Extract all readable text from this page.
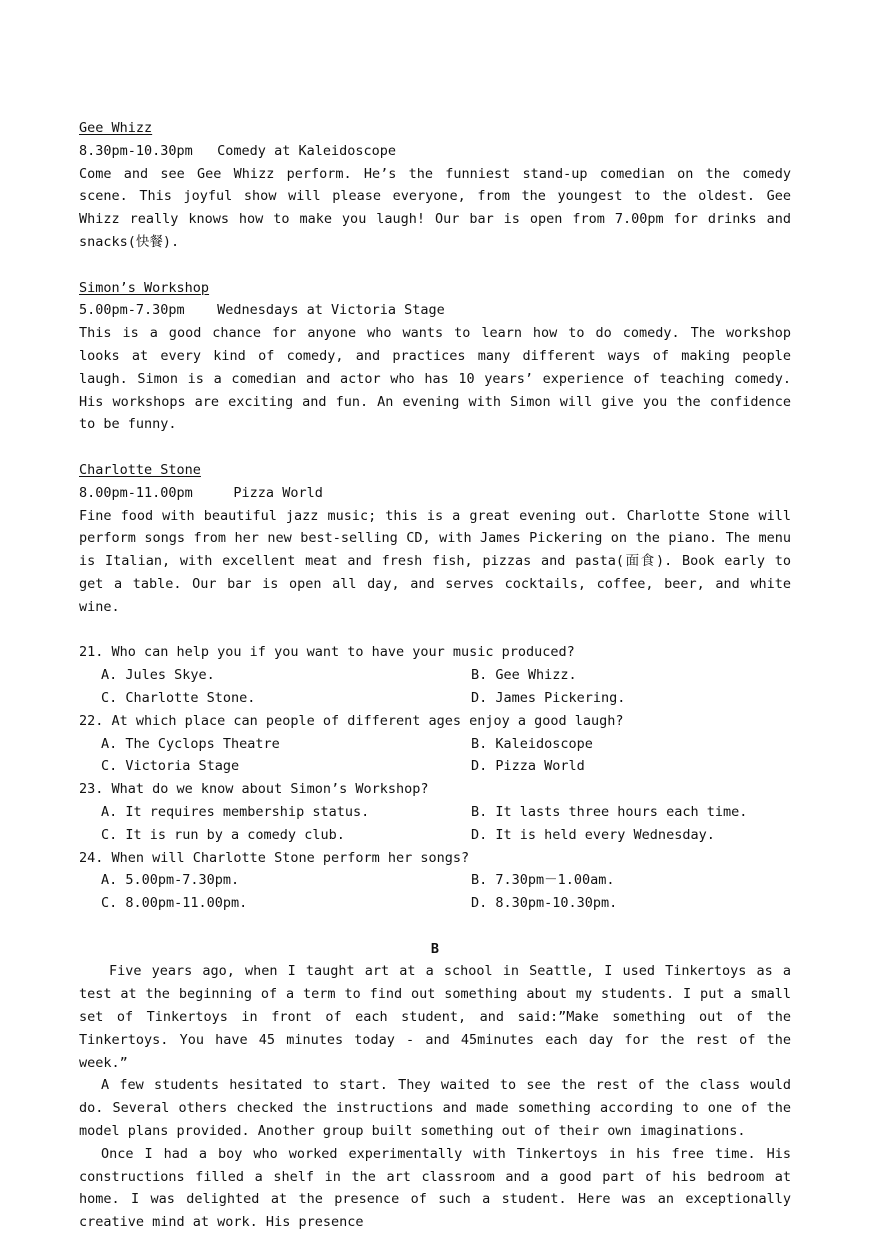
Gee Whizz
8.30pm-10.30pm   Comedy at Kaleidoscope
Come and see Gee Whizz perform. He’s the funniest stand-up comedian on the comedy scene. This joyful show will please everyone, from the youngest to the oldest. Gee Whizz really knows how to make you laugh! Our bar is open from 7.00pm for drinks and snacks(快餐).
Simon’s Workshop
5.00pm-7.30pm    Wednesdays at Victoria Stage
This is a good chance for anyone who wants to learn how to do comedy. The workshop looks at every kind of comedy, and practices many different ways of making people laugh. Simon is a comedian and actor who has 10 years’ experience of teaching comedy. His workshops are exciting and fun. An evening with Simon will give you the confidence to be funny.
Charlotte Stone
8.00pm-11.00pm     Pizza World
Fine food with beautiful jazz music; this is a great evening out. Charlotte Stone will perform songs from her new best-selling CD, with James Pickering on the piano. The menu is Italian, with excellent meat and fresh fish, pizzas and pasta(面食). Book early to get a table. Our bar is open all day, and serves cocktails, coffee, beer, and white wine.
21. Who can help you if you want to have your music produced?
A. Jules Skye.	B. Gee Whizz.
C. Charlotte Stone.	D. James Pickering.
22. At which place can people of different ages enjoy a good laugh?
A. The Cyclops Theatre	B. Kaleidoscope
C. Victoria Stage	D. Pizza World
23. What do we know about Simon’s Workshop?
A. It requires membership status.	B. It lasts three hours each time.
C. It is run by a comedy club.	D. It is held every Wednesday.
24. When will Charlotte Stone perform her songs?
A. 5.00pm-7.30pm.	B. 7.30pm－1.00am.
C. 8.00pm-11.00pm.	D. 8.30pm-10.30pm.
B
Five years ago, when I taught art at a school in Seattle, I used Tinkertoys as a test at the beginning of a term to find out something about my students. I put a small set of Tinkertoys in front of each student, and said:”Make something out of the Tinkertoys. You have 45 minutes today - and 45minutes each day for the rest of the week.”
A few students hesitated to start. They waited to see the rest of the class would do. Several others checked the instructions and made something according to one of the model plans provided. Another group built something out of their own imaginations.
Once I had a boy who worked experimentally with Tinkertoys in his free time. His constructions filled a shelf in the art classroom and a good part of his bedroom at home. I was delighted at the presence of such a student. Here was an exceptionally creative mind at work. His presence
